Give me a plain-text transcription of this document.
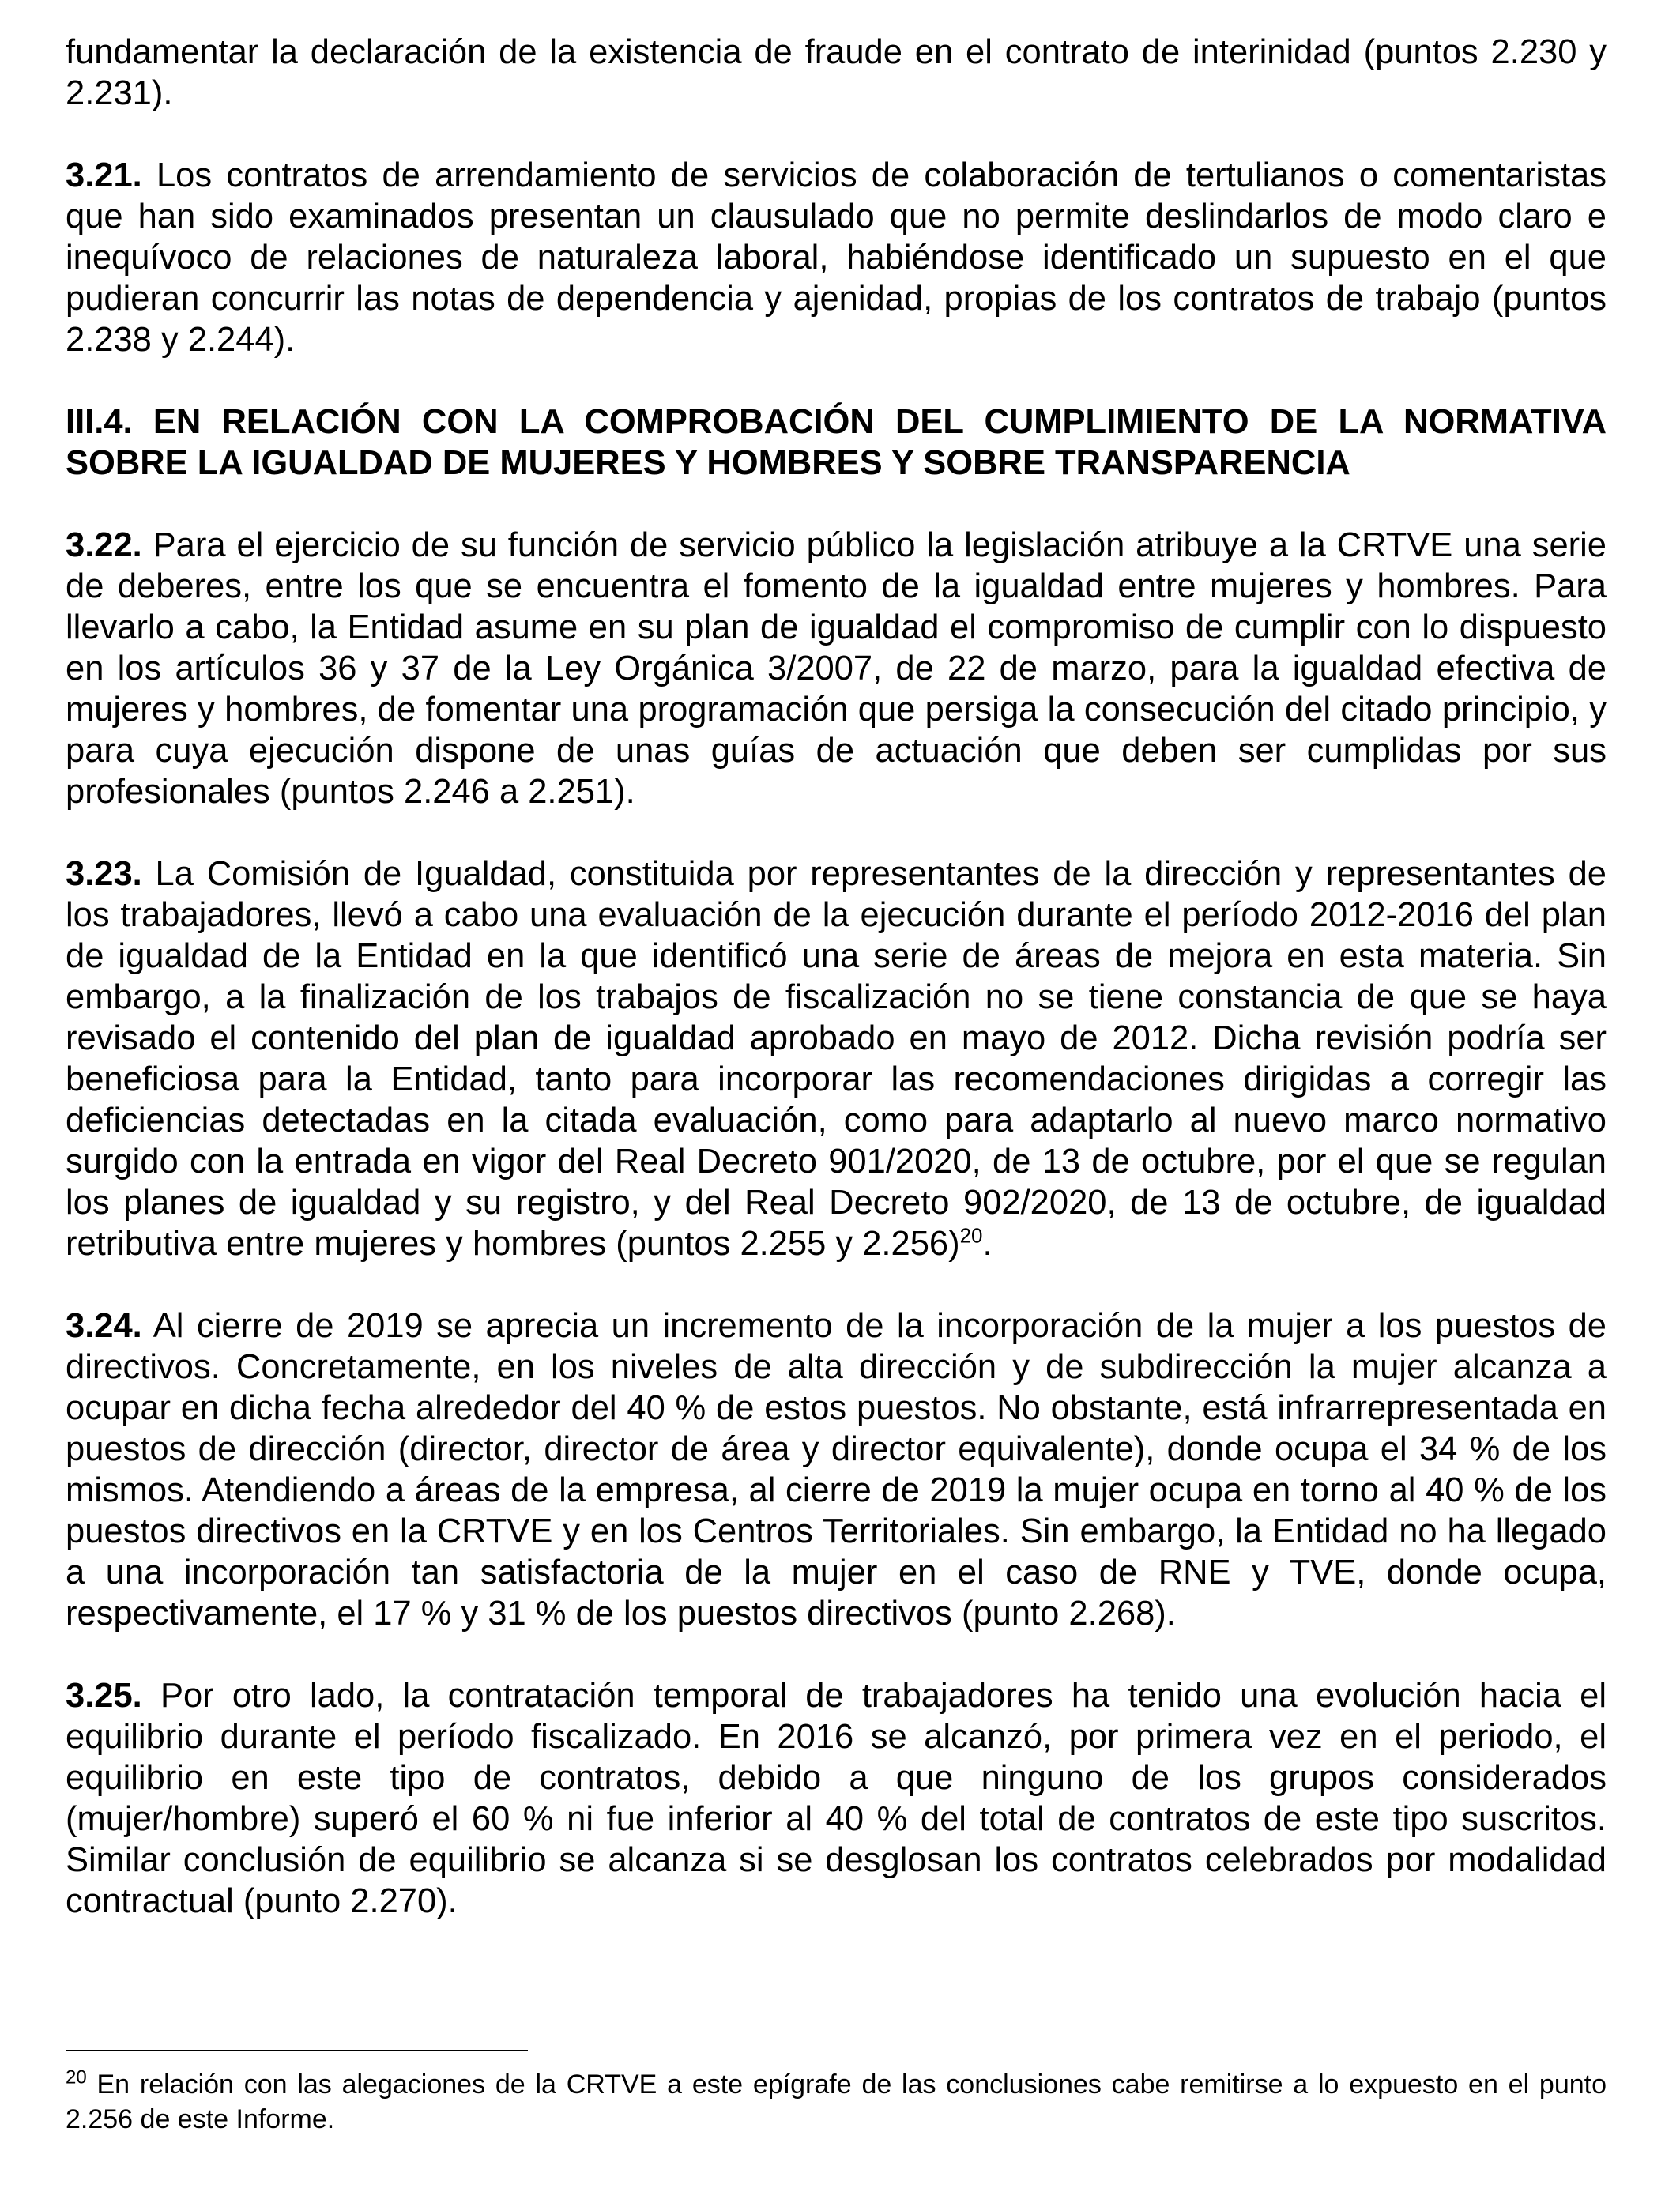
fundamentar la declaración de la existencia de fraude en el contrato de interinidad (puntos 2.230 y 2.231).

3.21. Los contratos de arrendamiento de servicios de colaboración de tertulianos o comentaristas que han sido examinados presentan un clausulado que no permite deslindarlos de modo claro e inequívoco de relaciones de naturaleza laboral, habiéndose identificado un supuesto en el que pudieran concurrir las notas de dependencia y ajenidad, propias de los contratos de trabajo (puntos 2.238 y 2.244).

III.4. EN RELACIÓN CON LA COMPROBACIÓN DEL CUMPLIMIENTO DE LA NORMATIVA
SOBRE LA IGUALDAD DE MUJERES Y HOMBRES Y SOBRE TRANSPARENCIA

3.22. Para el ejercicio de su función de servicio público la legislación atribuye a la CRTVE una serie de deberes, entre los que se encuentra el fomento de la igualdad entre mujeres y hombres. Para llevarlo a cabo, la Entidad asume en su plan de igualdad el compromiso de cumplir con lo dispuesto en los artículos 36 y 37 de la Ley Orgánica 3/2007, de 22 de marzo, para la igualdad efectiva de mujeres y hombres, de fomentar una programación que persiga la consecución del citado principio, y para cuya ejecución dispone de unas guías de actuación que deben ser cumplidas por sus profesionales (puntos 2.246 a 2.251).

3.23. La Comisión de Igualdad, constituida por representantes de la dirección y representantes de los trabajadores, llevó a cabo una evaluación de la ejecución durante el período 2012-2016 del plan de igualdad de la Entidad en la que identificó una serie de áreas de mejora en esta materia. Sin embargo, a la finalización de los trabajos de fiscalización no se tiene constancia de que se haya revisado el contenido del plan de igualdad aprobado en mayo de 2012. Dicha revisión podría ser beneficiosa para la Entidad, tanto para incorporar las recomendaciones dirigidas a corregir las deficiencias detectadas en la citada evaluación, como para adaptarlo al nuevo marco normativo surgido con la entrada en vigor del Real Decreto 901/2020, de 13 de octubre, por el que se regulan los planes de igualdad y su registro, y del Real Decreto 902/2020, de 13 de octubre, de igualdad retributiva entre mujeres y hombres (puntos 2.255 y 2.256)$^{20}$.

3.24. Al cierre de 2019 se aprecia un incremento de la incorporación de la mujer a los puestos de directivos. Concretamente, en los niveles de alta dirección y de subdirección la mujer alcanza a ocupar en dicha fecha alrededor del 40 % de estos puestos. No obstante, está infrarrepresentada en puestos de dirección (director, director de área y director equivalente), donde ocupa el 34 % de los mismos. Atendiendo a áreas de la empresa, al cierre de 2019 la mujer ocupa en torno al 40 % de los puestos directivos en la CRTVE y en los Centros Territoriales. Sin embargo, la Entidad no ha llegado a una incorporación tan satisfactoria de la mujer en el caso de RNE y TVE, donde ocupa, respectivamente, el 17 % y 31 % de los puestos directivos (punto 2.268).

3.25. Por otro lado, la contratación temporal de trabajadores ha tenido una evolución hacia el equilibrio durante el período fiscalizado. En 2016 se alcanzó, por primera vez en el periodo, el equilibrio en este tipo de contratos, debido a que ninguno de los grupos considerados (mujer/hombre) superó el 60 % ni fue inferior al 40 % del total de contratos de este tipo suscritos. Similar conclusión de equilibrio se alcanza si se desglosan los contratos celebrados por modalidad contractual (punto 2.270).

$^{20}$ En relación con las alegaciones de la CRTVE a este epígrafe de las conclusiones cabe remitirse a lo expuesto en el punto 2.256 de este Informe.
